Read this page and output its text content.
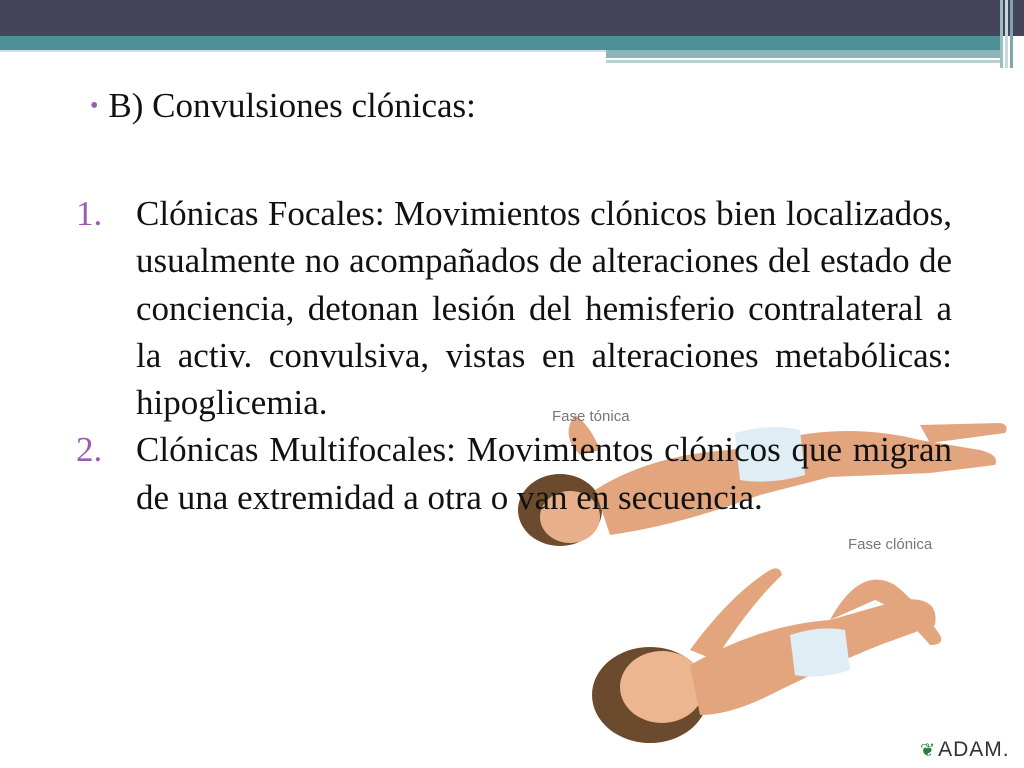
Fase tónica
Fase clónica
❦ADAM.
• B) Convulsiones clónicas:
1. Clónicas Focales: Movimientos clónicos bien localizados, usualmente no acompañados de alteraciones del estado de conciencia, detonan lesión del hemisferio contralateral a la activ. convulsiva, vistas en alteraciones metabólicas: hipoglicemia.
2. Clónicas Multifocales: Movimientos clónicos que migran de una extremidad a otra o van en secuencia.
